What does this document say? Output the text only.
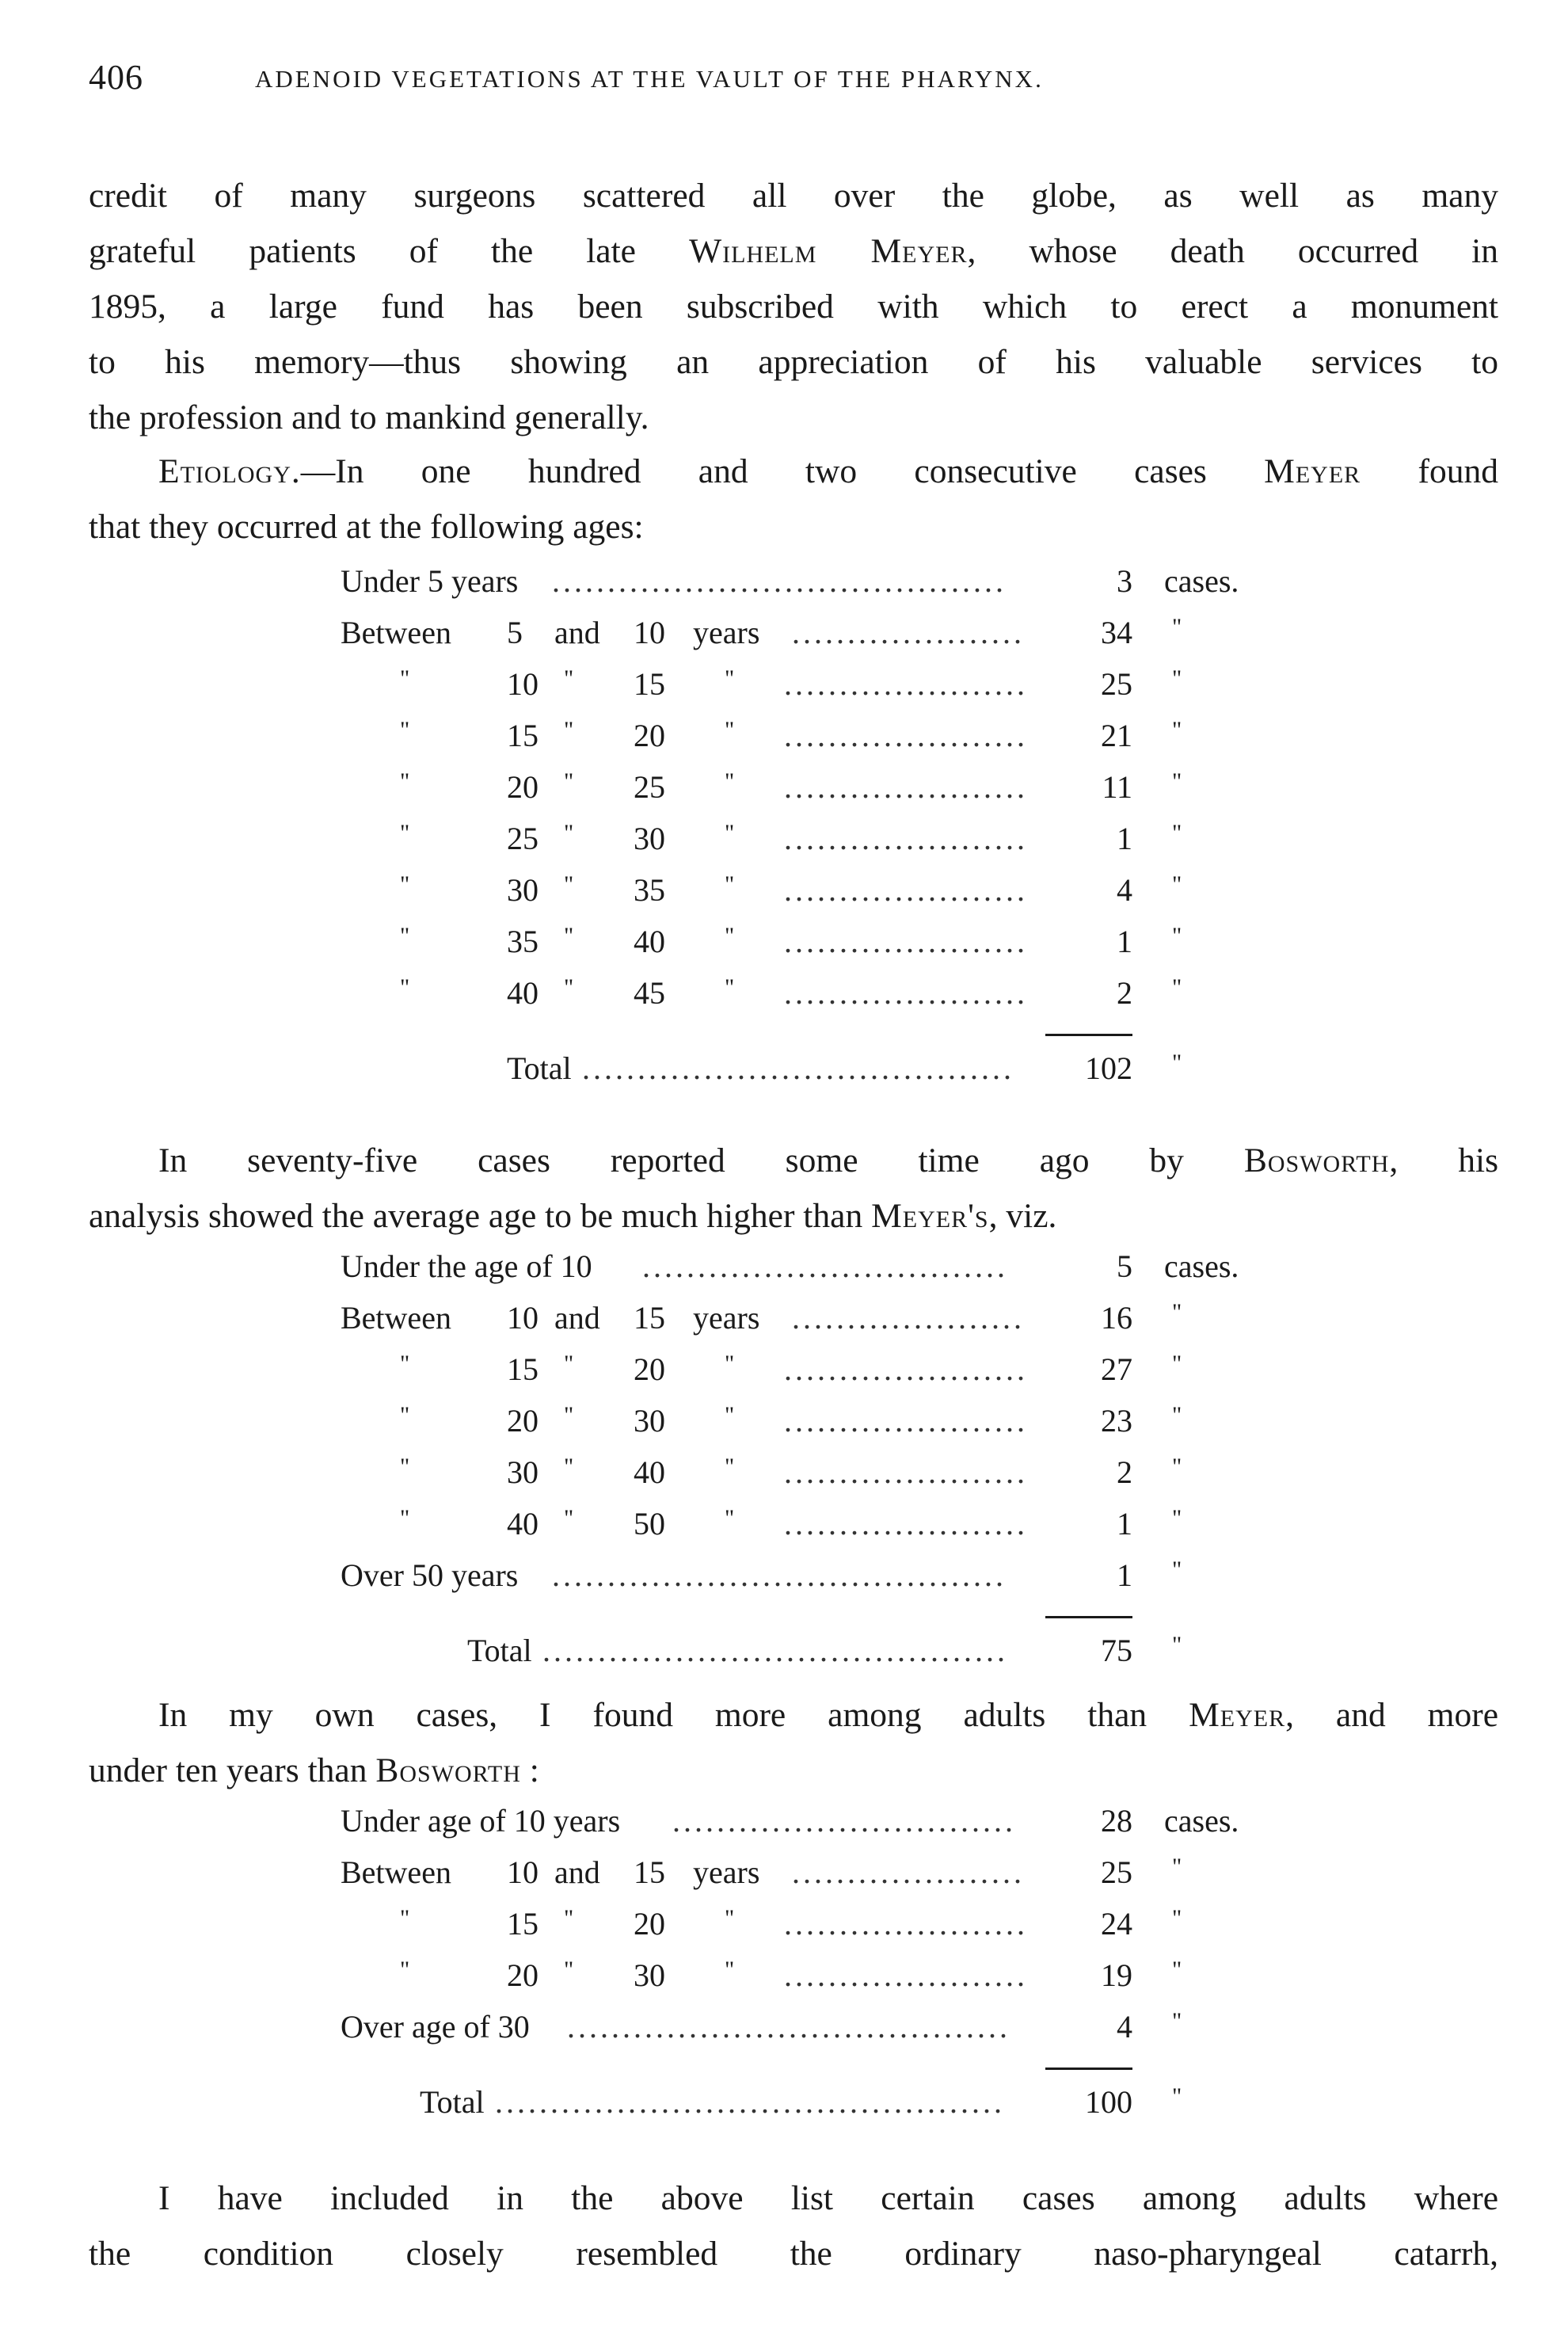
406	ADENOID VEGETATIONS AT THE VAULT OF THE PHARYNX.
credit of many surgeons scattered all over the globe, as well as many
grateful patients of the late Wilhelm Meyer, whose death occurred in
1895, a large fund has been subscribed with which to erect a monument
to his memory—thus showing an appreciation of his valuable services to
the profession and to mankind generally.
Etiology.—In one hundred and two consecutive cases Meyer found
that they occurred at the following ages:
Under 5 years .........................................	3 cases.
Between 5 and 10 years .....................	34 "
"	10 " 15	" ......................	25 "
"	15 " 20	" ......................	21 "
"	20 " 25	" ......................	11 "
"	25 " 30	" ......................	1 "
"	30 " 35	" ......................	4 "
"	35 " 40	" ......................	1 "
"	40 " 45	" ......................	2 "
Total .......................................	102 "
In seventy-five cases reported some time ago by Bosworth, his
analysis showed the average age to be much higher than Meyer's, viz.
Under the age of 10 .................................	5 cases.
Between 10 and 15 years .....................	16 "
"	15 " 20	" ......................	27 "
"	20 " 30	" ......................	23 "
"	30 " 40	" ......................	2 "
"	40 " 50	" ......................	1 "
Over 50 years .........................................	1 "
Total ..........................................	75 "
In my own cases, I found more among adults than Meyer, and more
under ten years than Bosworth :
Under age of 10 years ...............................	28 cases.
Between 10 and 15 years .....................	25 "
"	15 " 20	" ......................	24 "
"	20 " 30	" ......................	19 "
Over age of 30 ........................................	4 "
Total ..............................................	100 "
I have included in the above list certain cases among adults where
the condition closely resembled the ordinary naso-pharyngeal catarrh,
